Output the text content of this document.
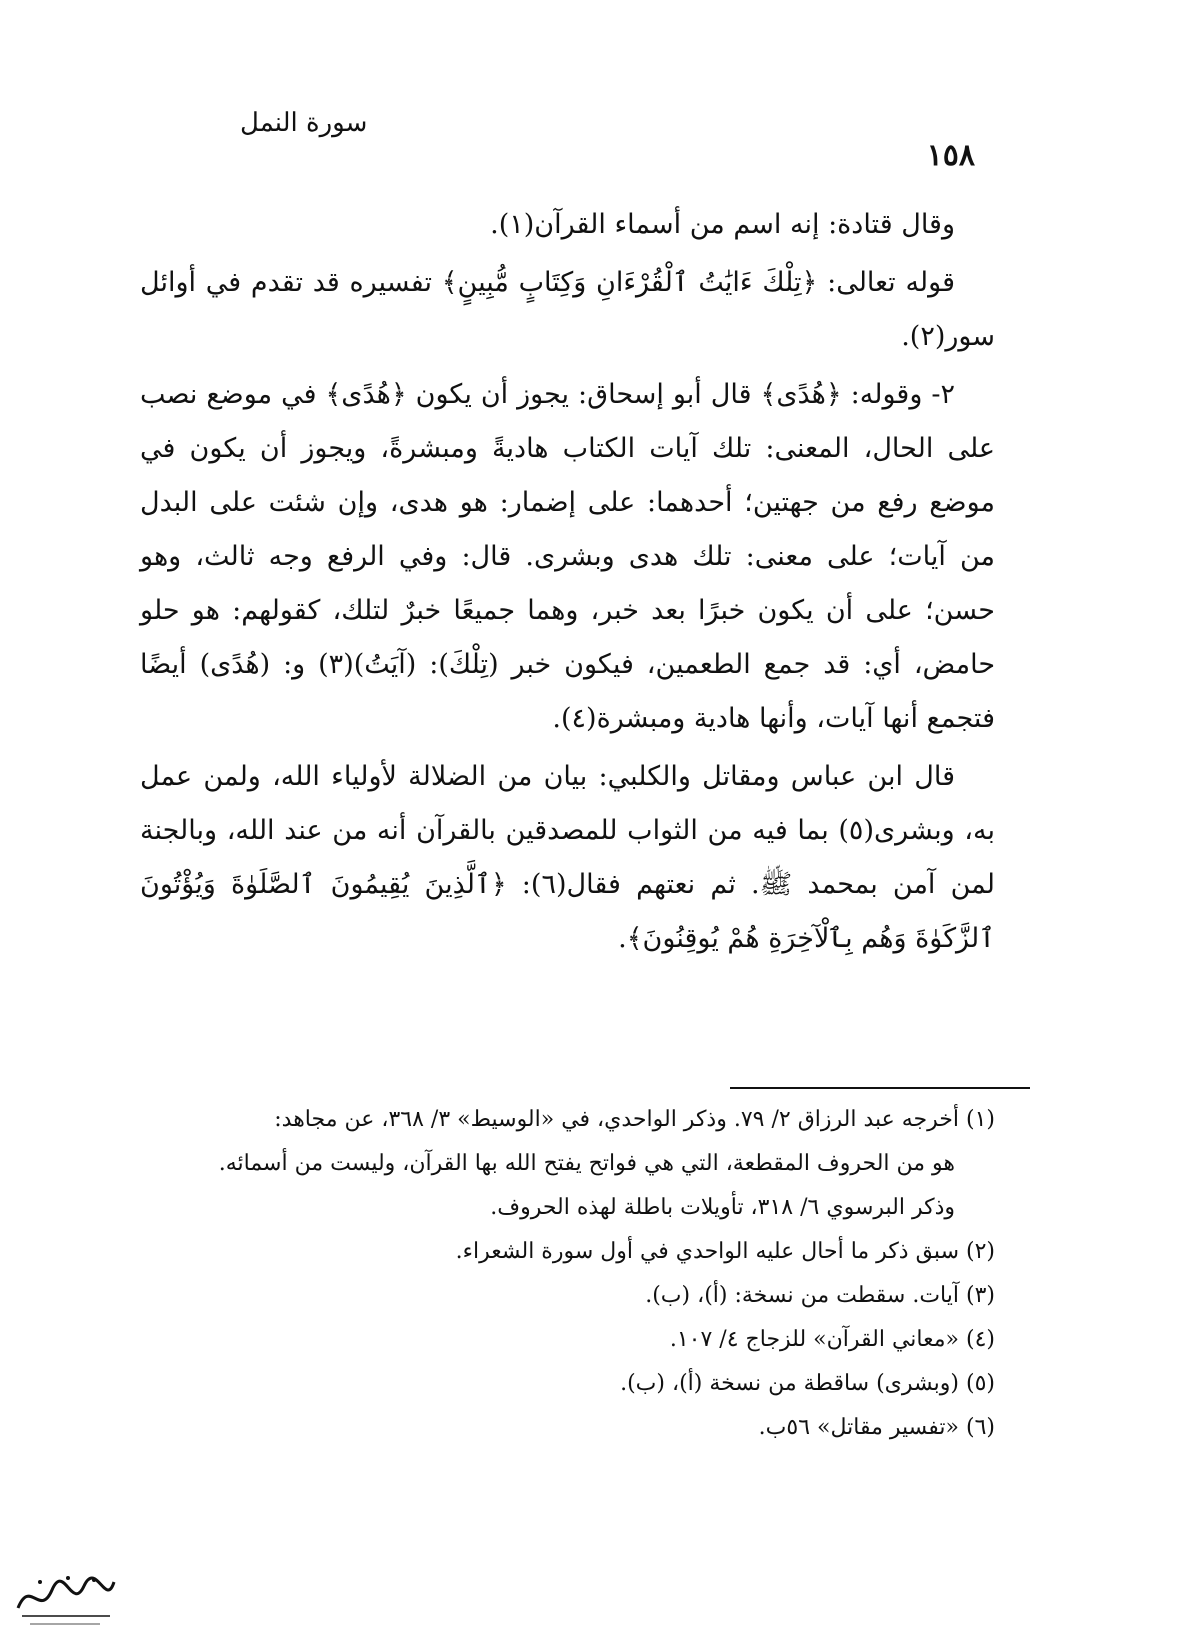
١٥٨
سورة النمل

وقال قتادة: إنه اسم من أسماء القرآن(١).

قوله تعالى: ﴿تِلْكَ ءَايَٰتُ ٱلْقُرْءَانِ وَكِتَابٍ مُّبِينٍ﴾ تفسيره قد تقدم في أوائل سور(٢).

٢- وقوله: ﴿هُدًى﴾ قال أبو إسحاق: يجوز أن يكون ﴿هُدًى﴾ في موضع نصب على الحال، المعنى: تلك آيات الكتاب هاديةً ومبشرةً، ويجوز أن يكون في موضع رفع من جهتين؛ أحدهما: على إضمار: هو هدى، وإن شئت على البدل من آيات؛ على معنى: تلك هدى وبشرى. قال: وفي الرفع وجه ثالث، وهو حسن؛ على أن يكون خبرًا بعد خبر، وهما جميعًا خبرٌ لتلك، كقولهم: هو حلو حامض، أي: قد جمع الطعمين، فيكون خبر (تِلْكَ): (آيَتُ)(٣) و: (هُدًى) أيضًا فتجمع أنها آيات، وأنها هادية ومبشرة(٤).

قال ابن عباس ومقاتل والكلبي: بيان من الضلالة لأولياء الله، ولمن عمل به، وبشرى(٥) بما فيه من الثواب للمصدقين بالقرآن أنه من عند الله، وبالجنة لمن آمن بمحمد ﷺ. ثم نعتهم فقال(٦): ﴿ٱلَّذِينَ يُقِيمُونَ ٱلصَّلَوٰةَ وَيُؤْتُونَ ٱلزَّكَوٰةَ وَهُم بِٱلْآخِرَةِ هُمْ يُوقِنُونَ﴾.

(١) أخرجه عبد الرزاق ٢/ ٧٩. وذكر الواحدي، في «الوسيط» ٣/ ٣٦٨، عن مجاهد:
هو من الحروف المقطعة، التي هي فواتح يفتح الله بها القرآن، وليست من أسمائه.
وذكر البرسوي ٦/ ٣١٨، تأويلات باطلة لهذه الحروف.

(٢) سبق ذكر ما أحال عليه الواحدي في أول سورة الشعراء.

(٣) آيات. سقطت من نسخة: (أ)، (ب).

(٤) «معاني القرآن» للزجاج ٤/ ١٠٧.

(٥) (وبشرى) ساقطة من نسخة (أ)، (ب).

(٦) «تفسير مقاتل» ٥٦ب.
